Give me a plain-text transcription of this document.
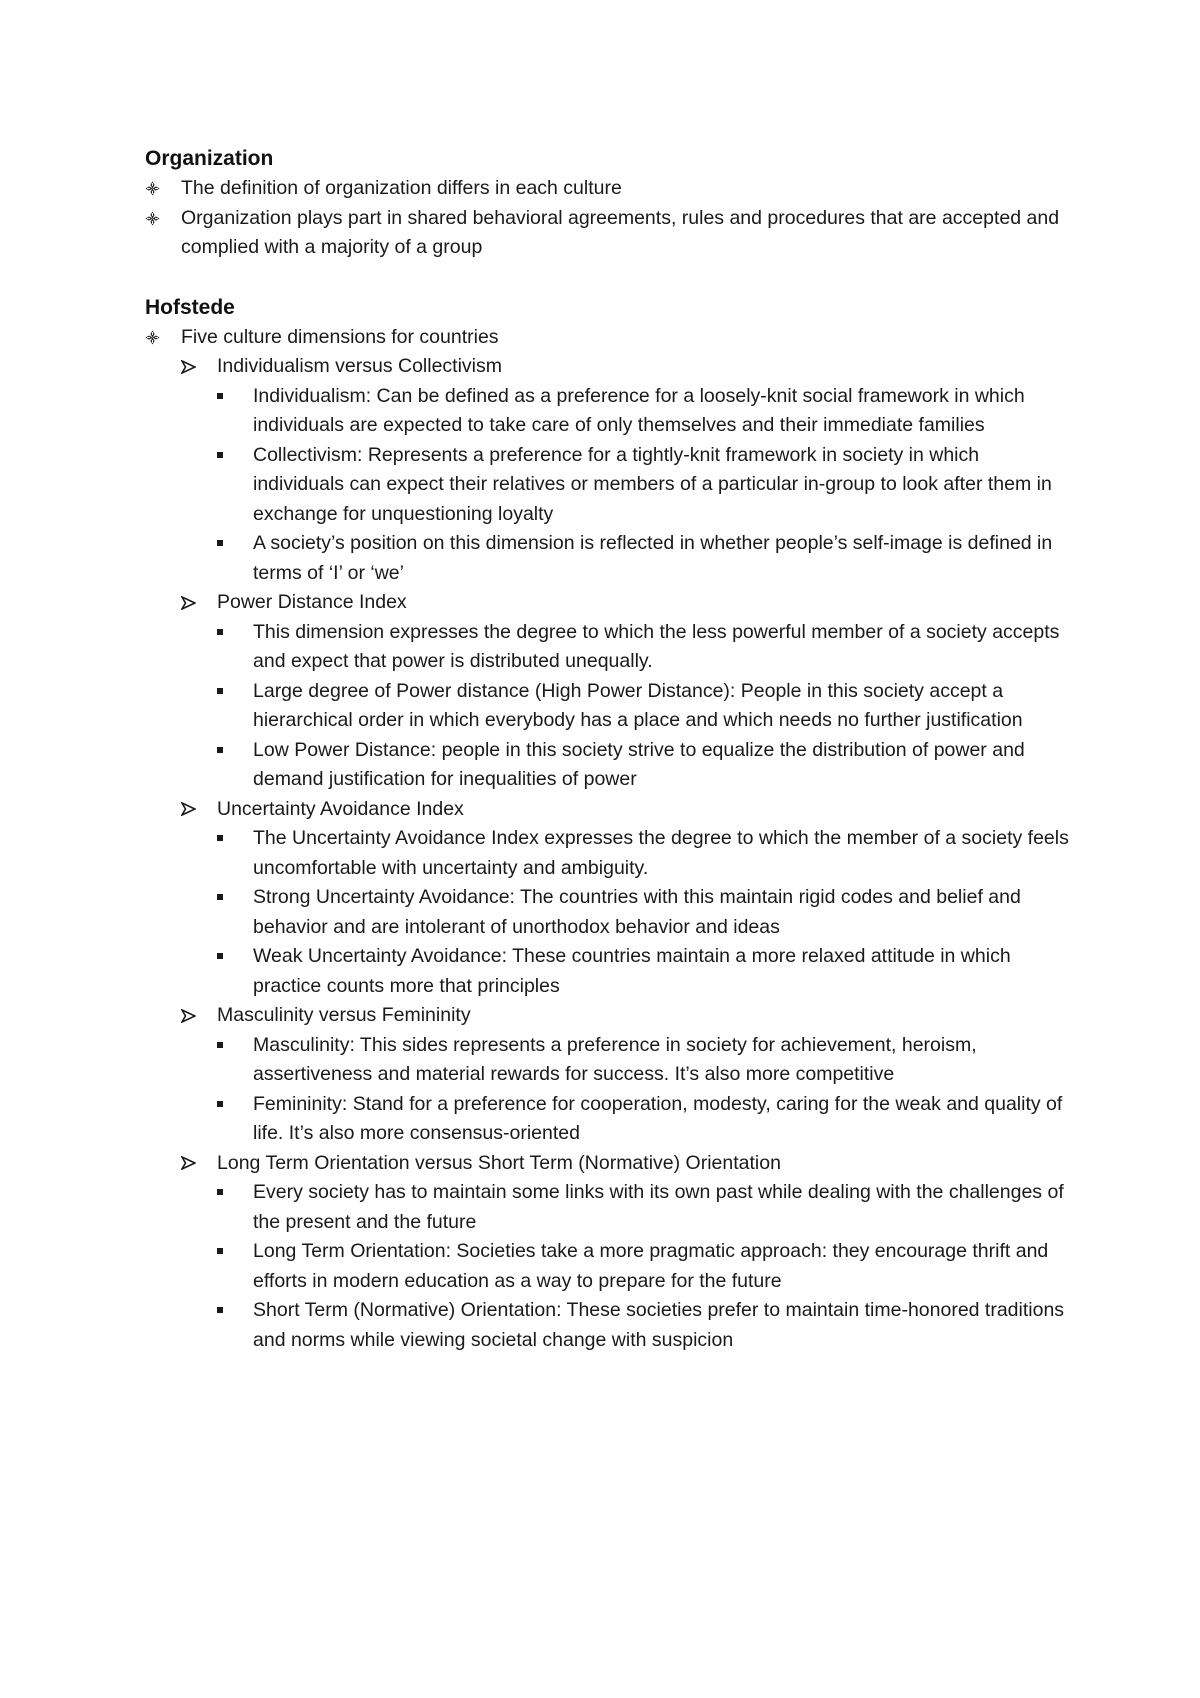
Organization
The definition of organization differs in each culture
Organization plays part in shared behavioral agreements, rules and procedures that are accepted and complied with a majority of a group
Hofstede
Five culture dimensions for countries
Individualism versus Collectivism
Individualism: Can be defined as a preference for a loosely-knit social framework in which individuals are expected to take care of only themselves and their immediate families
Collectivism: Represents a preference for a tightly-knit framework in society in which individuals can expect their relatives or members of a particular in-group to look after them in exchange for unquestioning loyalty
A society’s position on this dimension is reflected in whether people’s self-image is defined in terms of ‘I’ or ‘we’
Power Distance Index
This dimension expresses the degree to which the less powerful member of a society accepts and expect that power is distributed unequally.
Large degree of Power distance (High Power Distance): People in this society accept a hierarchical order in which everybody has a place and which needs no further justification
Low Power Distance: people in this society strive to equalize the distribution of power and demand justification for inequalities of power
Uncertainty Avoidance Index
The Uncertainty Avoidance Index expresses the degree to which the member of a society feels uncomfortable with uncertainty and ambiguity.
Strong Uncertainty Avoidance: The countries with this maintain rigid codes and belief and behavior and are intolerant of unorthodox behavior and ideas
Weak Uncertainty Avoidance: These countries maintain a more relaxed attitude in which practice counts more that principles
Masculinity versus Femininity
Masculinity: This sides represents a preference in society for achievement, heroism, assertiveness and material rewards for success. It’s also more competitive
Femininity: Stand for a preference for cooperation, modesty, caring for the weak and quality of life. It’s also more consensus-oriented
Long Term Orientation versus Short Term (Normative) Orientation
Every society has to maintain some links with its own past while dealing with the challenges of the present and the future
Long Term Orientation: Societies take a more pragmatic approach: they encourage thrift and efforts in modern education as a way to prepare for the future
Short Term (Normative) Orientation: These societies prefer to maintain time-honored traditions and norms while viewing societal change with suspicion
